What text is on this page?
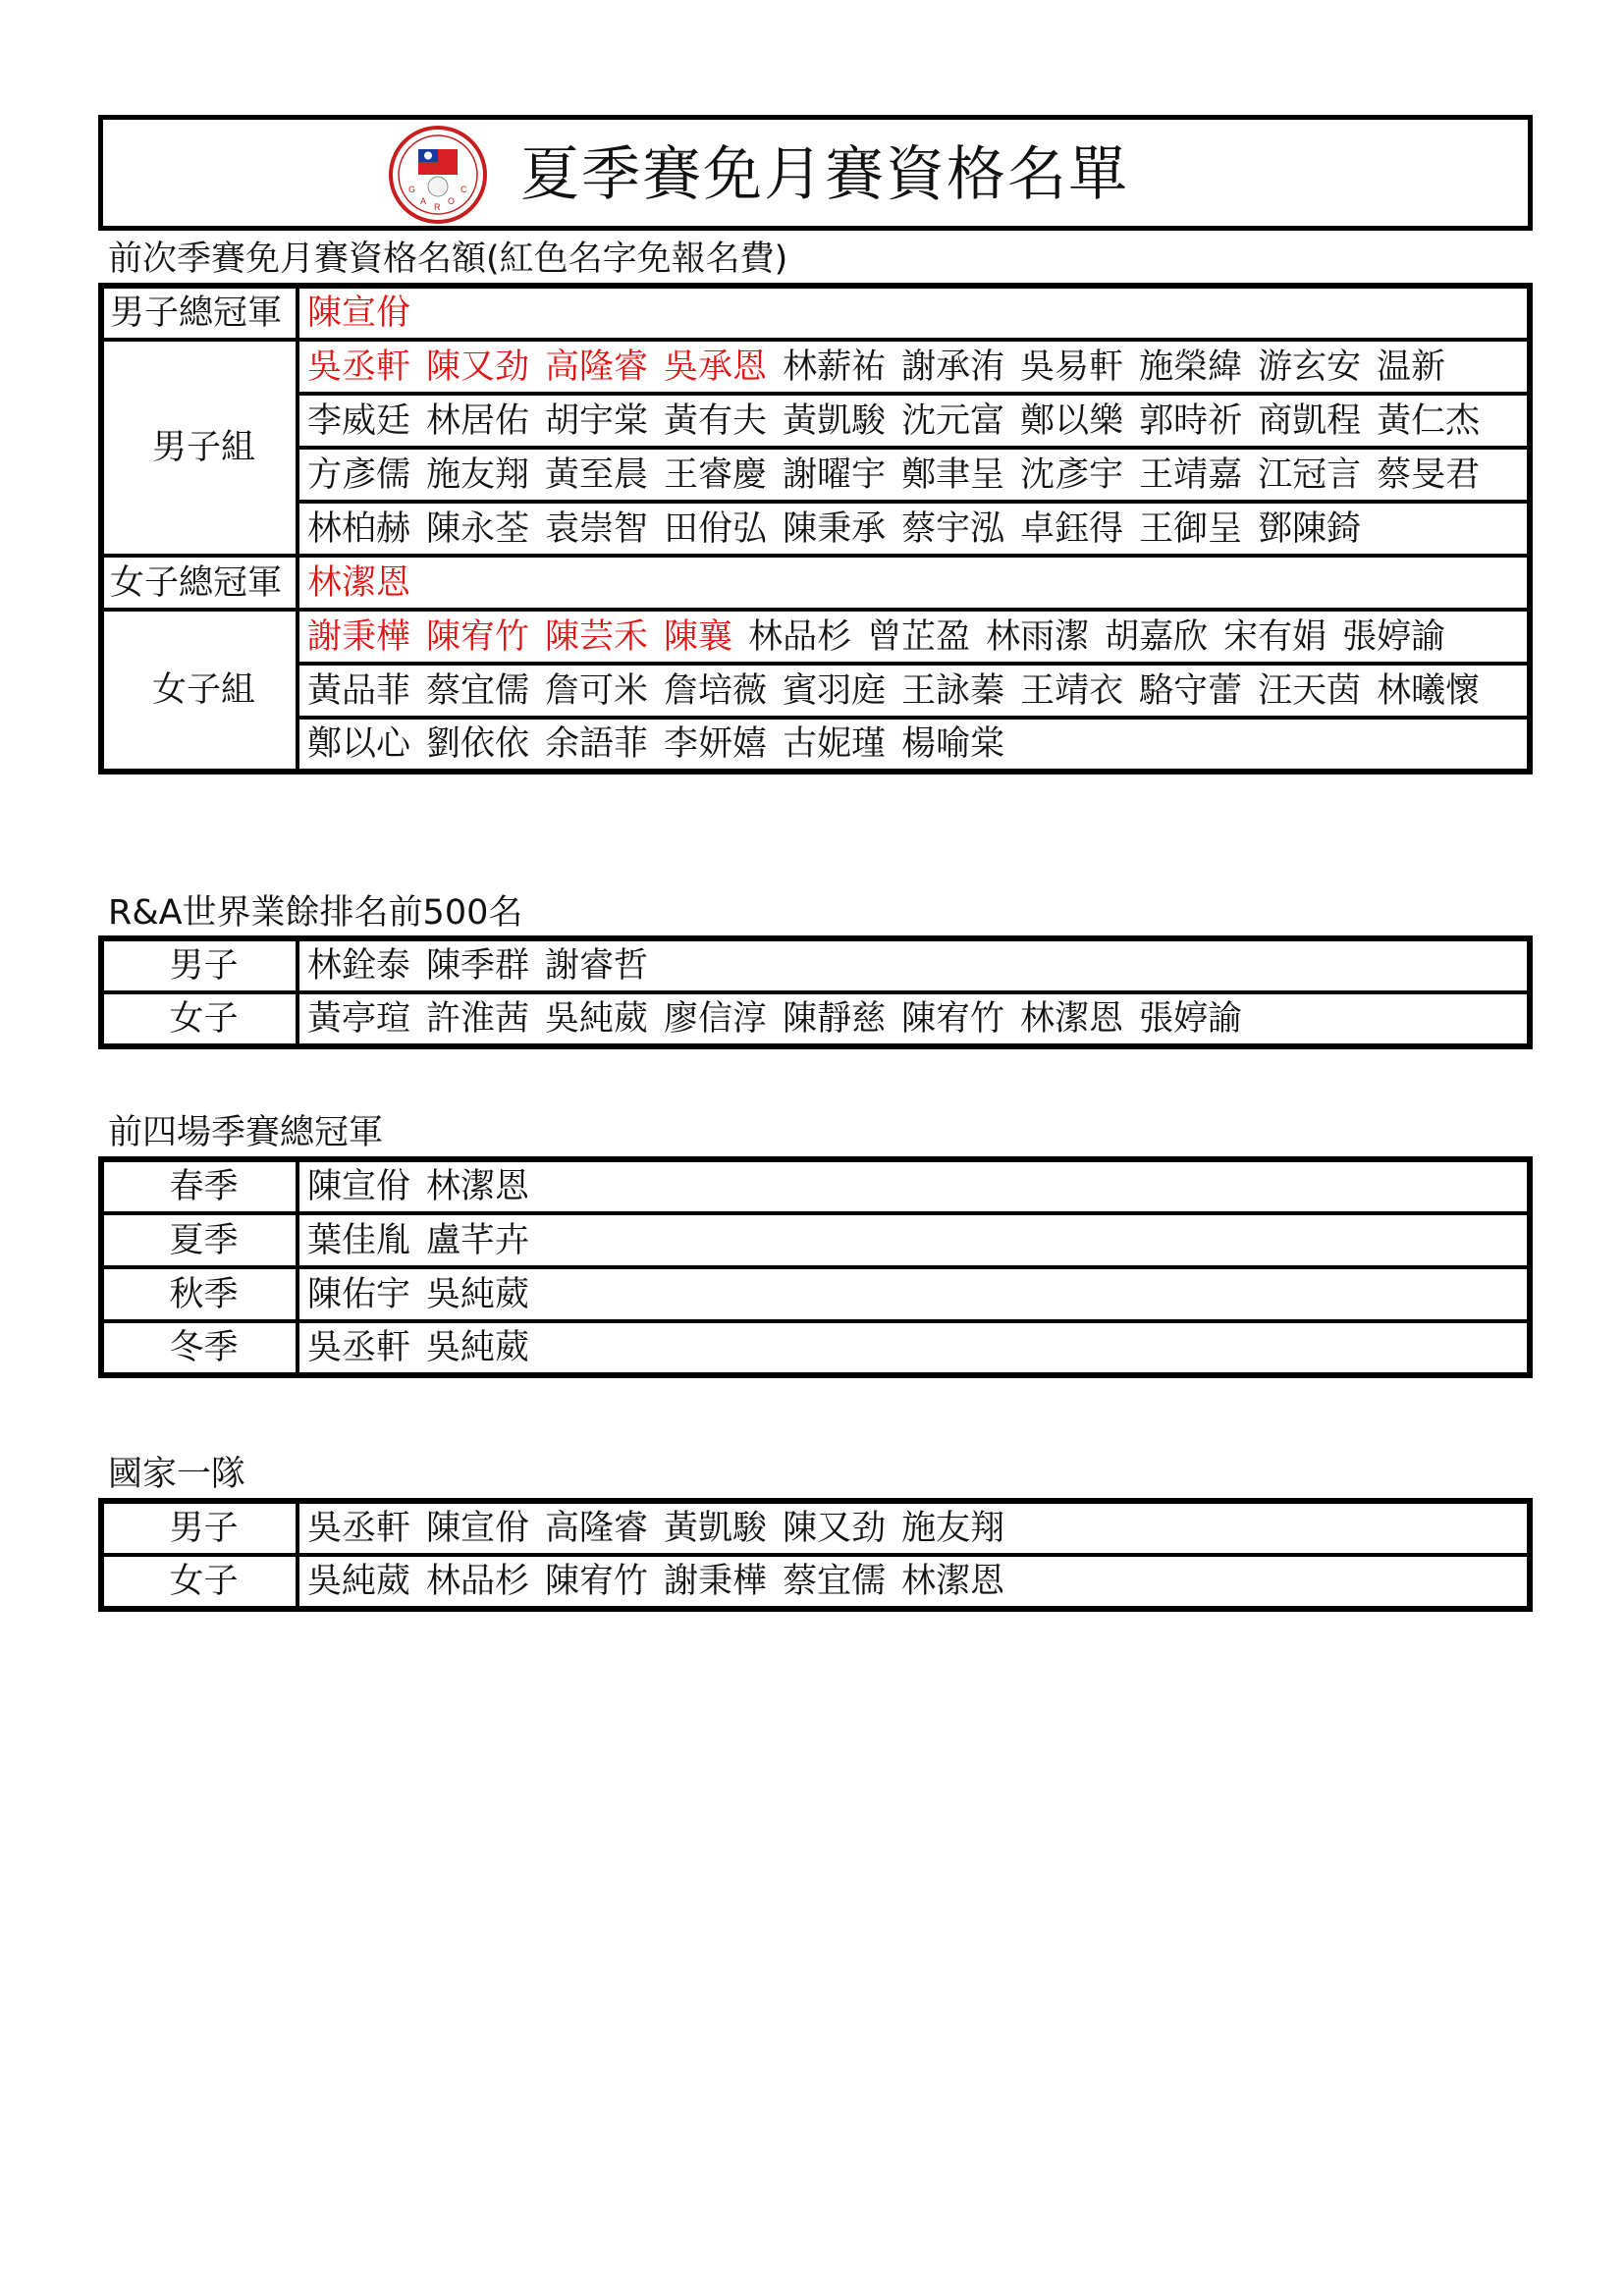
G
A
R
O
C 夏季賽免月賽資格名單
前次季賽免月賽資格名額(紅色名字免報名費)
男子總冠軍	陳宣佾
男子組	吳丞軒 陳又劲 高隆睿 吳承恩 林薪祐 謝承洧 吳易軒 施榮緯 游玄安 温新
	李威廷 林居佑 胡宇棠 黃有夫 黃凱駿 沈元富 鄭以樂 郭時祈 商凱程 黃仁杰
	方彥儒 施友翔 黃至晨 王睿慶 謝曜宇 鄭聿呈 沈彥宇 王靖嘉 江冠言 蔡旻君
	林柏赫 陳永荃 袁崇智 田佾弘 陳秉承 蔡宇泓 卓鈺得 王御呈 鄧陳錡
女子總冠軍	林潔恩
女子組	謝秉樺 陳宥竹 陳芸禾 陳襄 林品杉 曾芷盈 林雨潔 胡嘉欣 宋有娟 張婷諭
	黃品菲 蔡宜儒 詹可米 詹培薇 賓羽庭 王詠蓁 王靖衣 駱守蕾 汪天茵 林曦懷
	鄭以心 劉依依 余語菲 李妍嬉 古妮瑾 楊喻棠
R&A世界業餘排名前500名
男子	林銓泰 陳季群 謝睿哲
女子	黃亭瑄 許淮茜 吳純葳 廖信淳 陳靜慈 陳宥竹 林潔恩 張婷諭
前四場季賽總冠軍
春季	陳宣佾 林潔恩
夏季	葉佳胤 盧芊卉
秋季	陳佑宇 吳純葳
冬季	吳丞軒 吳純葳
國家一隊
男子	吳丞軒 陳宣佾 高隆睿 黃凱駿 陳又劲 施友翔
女子	吳純葳 林品杉 陳宥竹 謝秉樺 蔡宜儒 林潔恩
